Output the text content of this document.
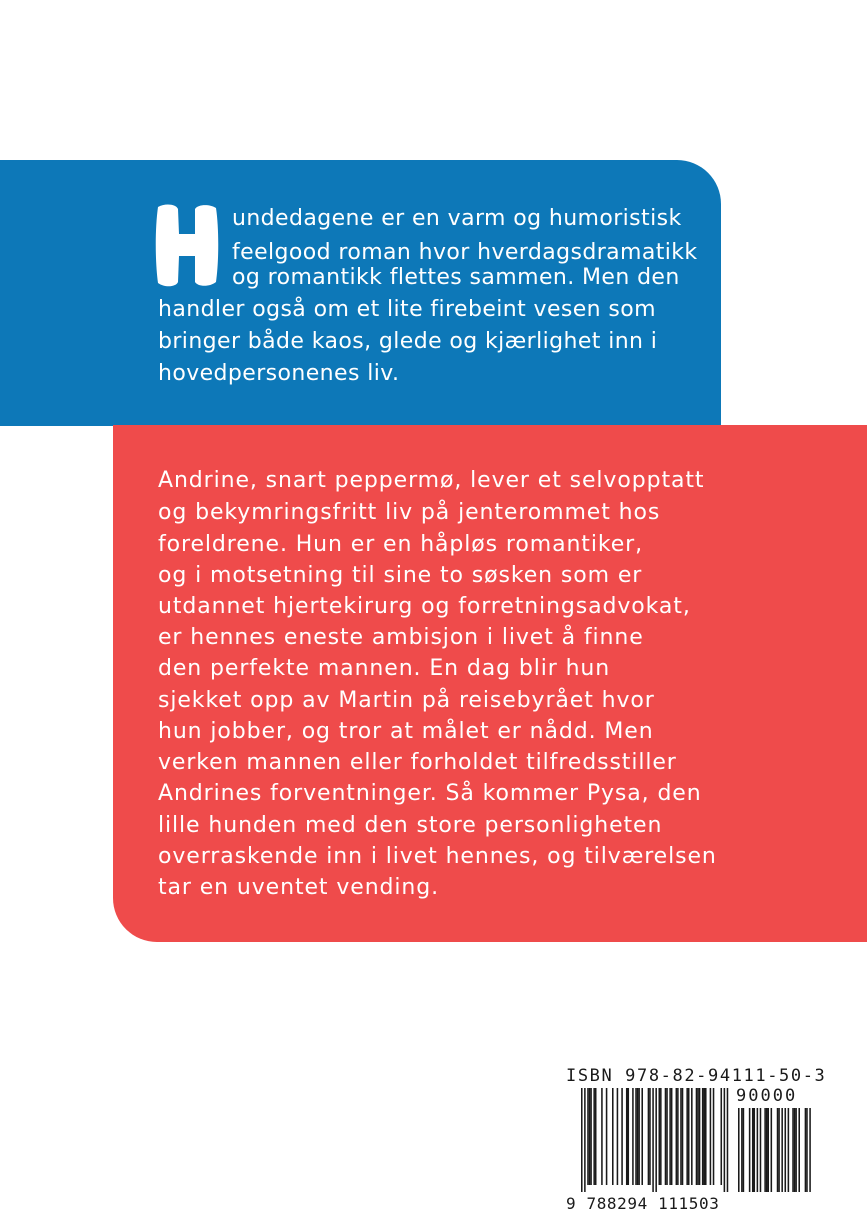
H

undedagene er en varm og humoristisk

feelgood roman hvor hverdagsdramatikk

og romantikk flettes sammen. Men den

handler også om et lite firebeint vesen som

bringer både kaos, glede og kjærlighet inn i

hovedpersonenes liv.

Andrine, snart peppermø, lever et selvopptatt

og bekymringsfritt liv på jenterommet hos

foreldrene. Hun er en håpløs romantiker,

og i motsetning til sine to søsken som er

utdannet hjertekirurg og forretningsadvokat,

er hennes eneste ambisjon i livet å finne

den perfekte mannen. En dag blir hun

sjekket opp av Martin på reisebyrået hvor

hun jobber, og tror at målet er nådd. Men

verken mannen eller forholdet tilfredsstiller

Andrines forventninger. Så kommer Pysa, den

lille hunden med den store personligheten

overraskende inn i livet hennes, og tilværelsen

tar en uventet vending.

ISBN 978-82-94111-50-3

90000

9 788294 111503
